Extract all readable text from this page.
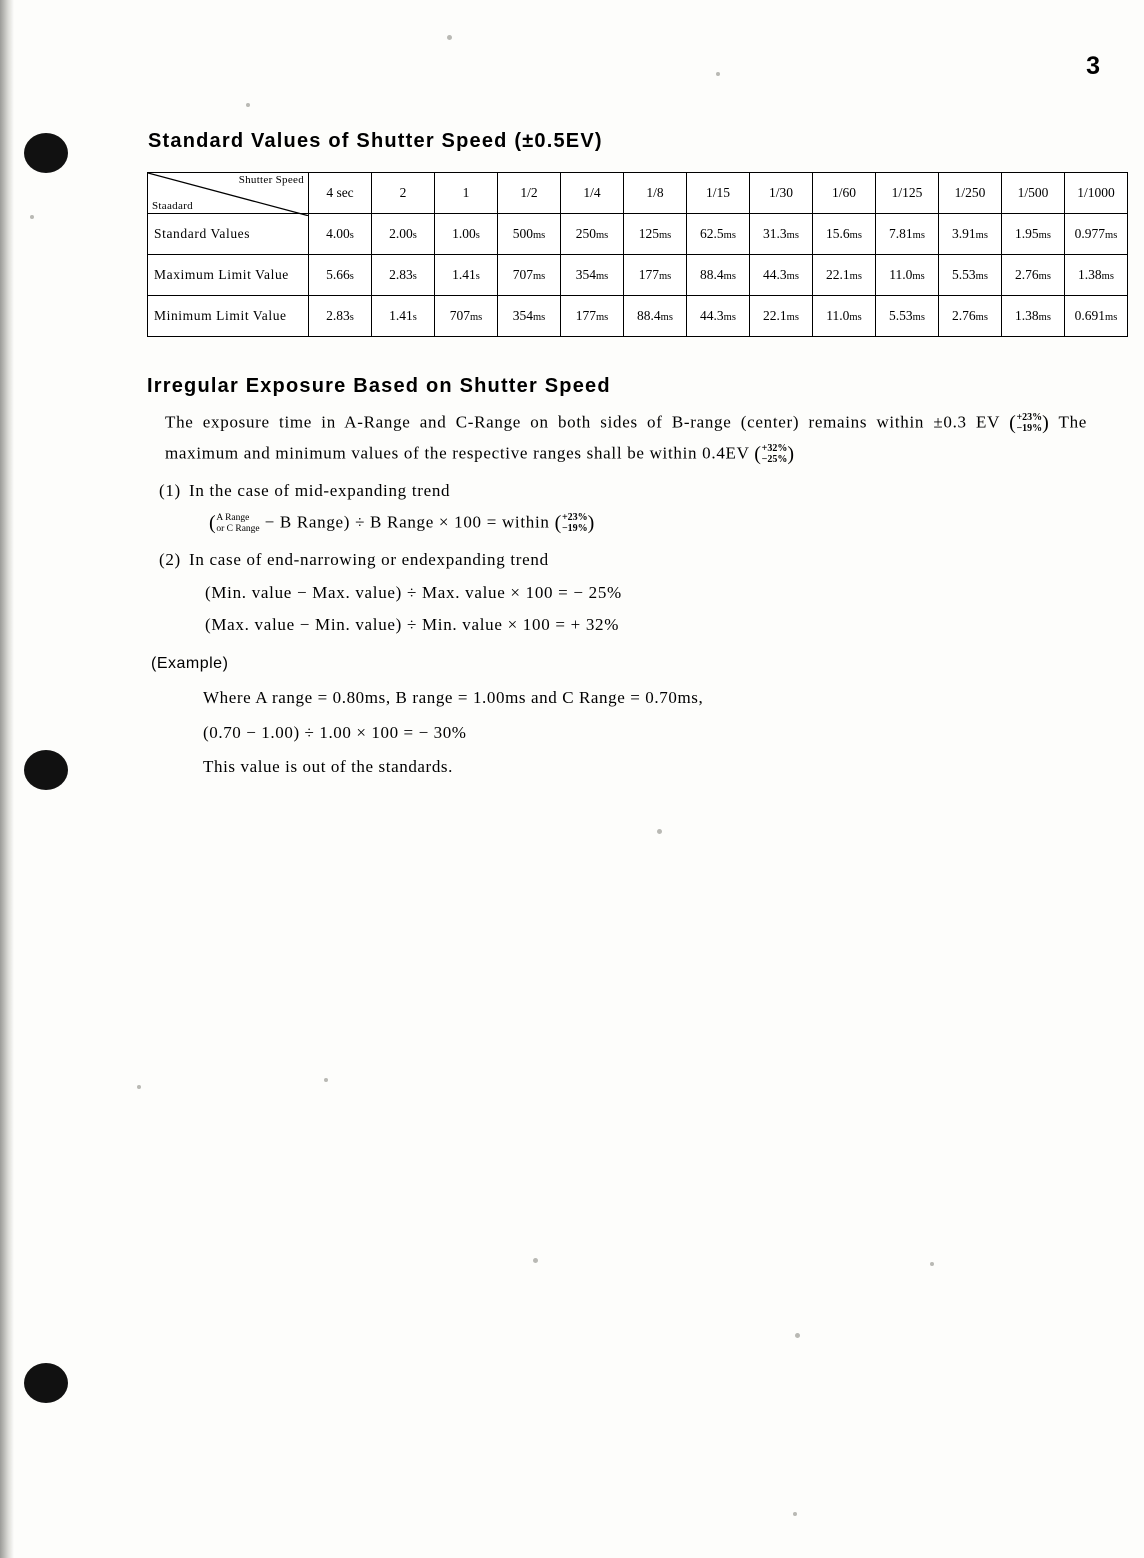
3
Standard Values of Shutter Speed (±0.5EV)
Shutter Speed
Staadard	4 sec	2	1	1/2	1/4	1/8	1/15	1/30	1/60	1/125	1/250	1/500	1/1000
Standard Values	4.00s	2.00s	1.00s	500ms	250ms	125ms	62.5ms	31.3ms	15.6ms	7.81ms	3.91ms	1.95ms	0.977ms
Maximum Limit Value	5.66s	2.83s	1.41s	707ms	354ms	177ms	88.4ms	44.3ms	22.1ms	11.0ms	5.53ms	2.76ms	1.38ms
Minimum Limit Value	2.83s	1.41s	707ms	354ms	177ms	88.4ms	44.3ms	22.1ms	11.0ms	5.53ms	2.76ms	1.38ms	0.691ms
Irregular Exposure Based on Shutter Speed

The exposure time in A-Range and C-Range on both sides of B-range (center) remains within ±0.3 EV (+23%
−19%) The maximum and minimum values of the respective ranges shall be within 0.4EV (+32%
−25%)

(1) In the case of mid-expanding trend
(A Range
or C Range − B Range) ÷ B Range × 100 = within (+23%
−19%)
(2) In case of end-narrowing or endexpanding trend
(Min. value − Max. value) ÷ Max. value × 100 = − 25%
(Max. value − Min. value) ÷ Min. value × 100 = + 32%
(Example)
Where A range = 0.80ms, B range = 1.00ms and C Range = 0.70ms,
(0.70 − 1.00) ÷ 1.00 × 100 = − 30%
This value is out of the standards.
